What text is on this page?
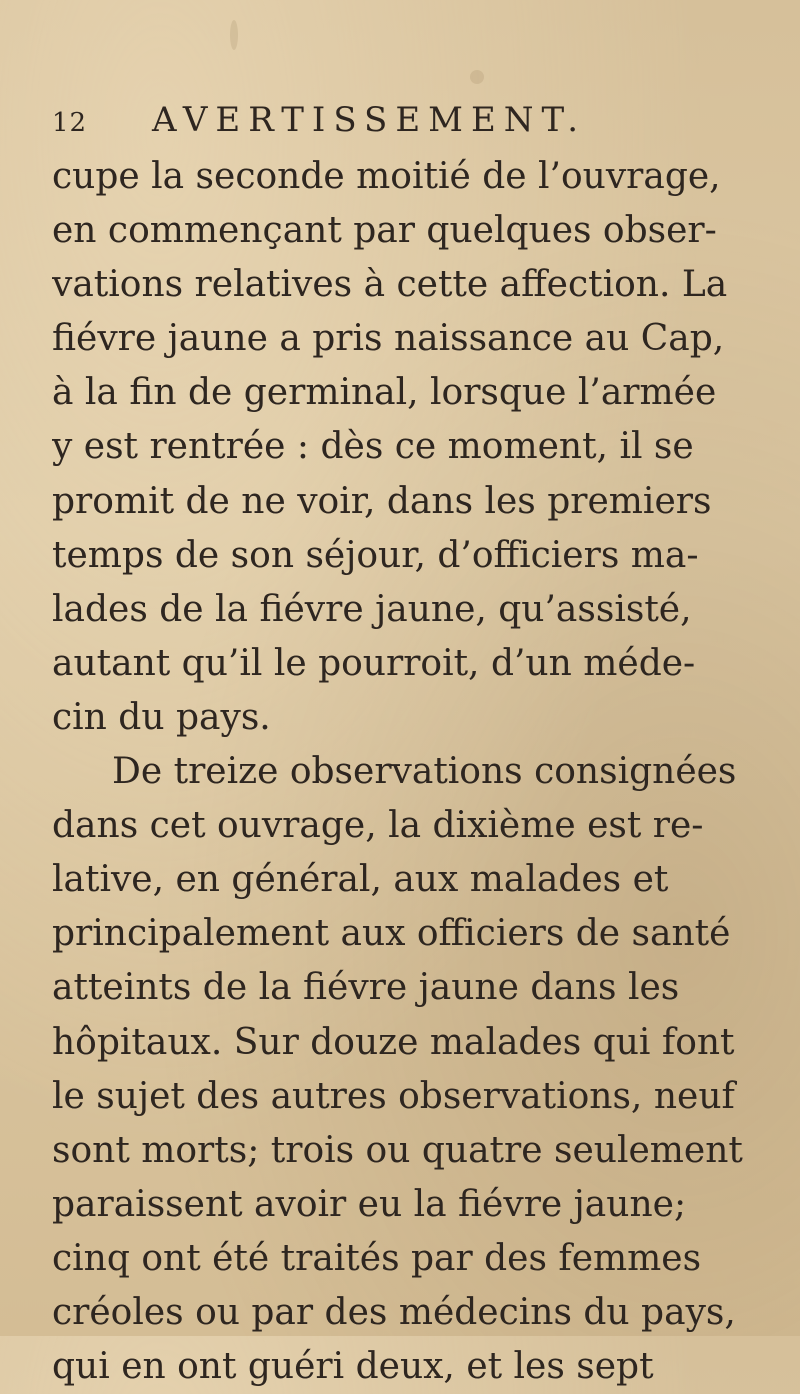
12	AVERTISSEMENT.
cupe la seconde moitié de l’ouvrage,
en commençant par quelques obser-
vations relatives à cette affection. La
fiévre jaune a pris naissance au Cap,
à la fin de germinal, lorsque l’armée
y est rentrée : dès ce moment, il se
promit de ne voir, dans les premiers
temps de son séjour, d’officiers ma-
lades de la fiévre jaune, qu’assisté,
autant qu’il le pourroit, d’un méde-
cin du pays.
De treize observations consignées
dans cet ouvrage, la dixième est re-
lative, en général, aux malades et
principalement aux officiers de santé
atteints de la fiévre jaune dans les
hôpitaux. Sur douze malades qui font
le sujet des autres observations, neuf
sont morts; trois ou quatre seulement
paraissent avoir eu la fiévre jaune;
cinq ont été traités par des femmes
créoles ou par des médecins du pays,
qui en ont guéri deux, et les sept
